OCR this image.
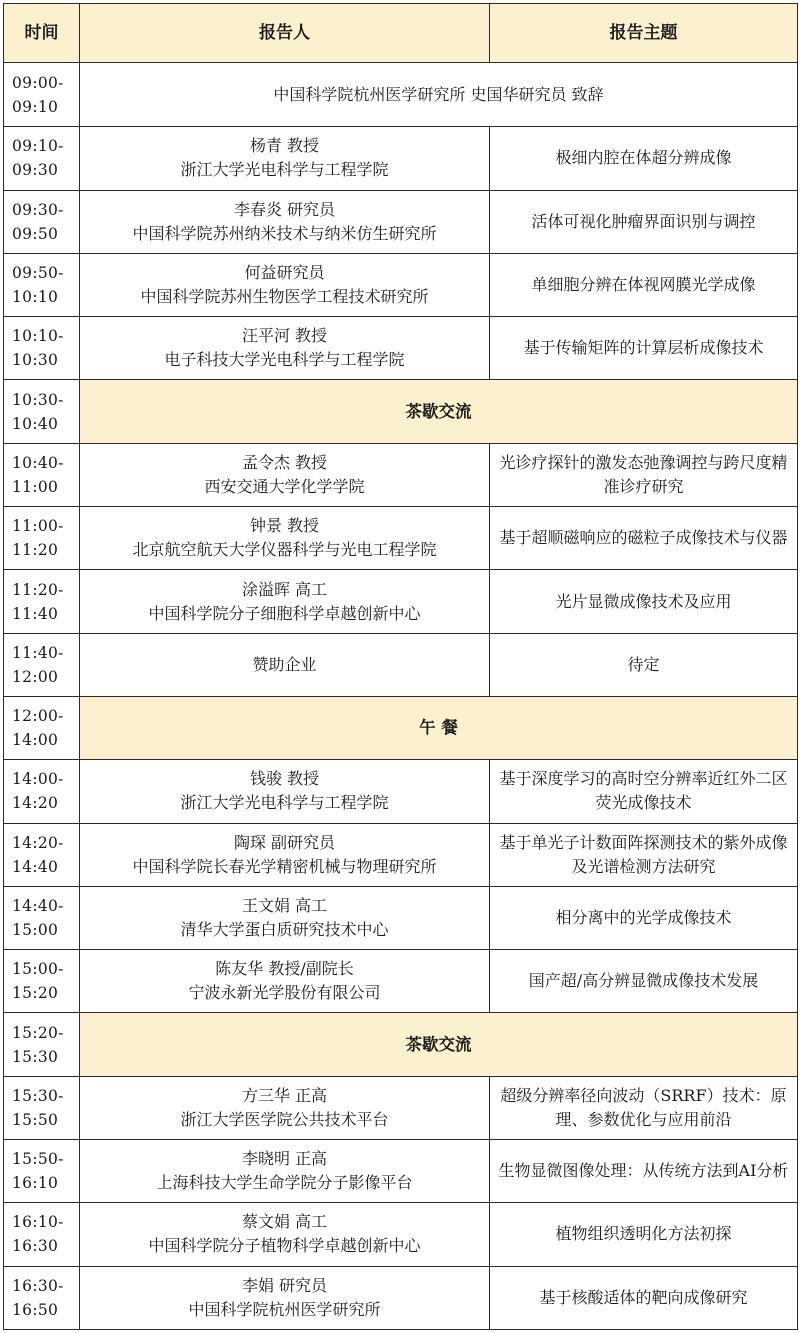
时间	报告人	报告主题

09:00-
09:10	中国科学院杭州医学研究所 史国华研究员 致辞	

09:10-
09:30	杨青 教授
浙江大学光电科学与工程学院	极细内腔在体超分辨成像

09:30-
09:50	李春炎 研究员
中国科学院苏州纳米技术与纳米仿生研究所	活体可视化肿瘤界面识别与调控

09:50-
10:10	何益研究员
中国科学院苏州生物医学工程技术研究所	单细胞分辨在体视网膜光学成像

10:10-
10:30	汪平河 教授
电子科技大学光电科学与工程学院	基于传输矩阵的计算层析成像技术

10:30-
10:40	茶歇交流	

10:40-
11:00	孟令杰 教授
西安交通大学化学学院	光诊疗探针的激发态弛豫调控与跨尺度精准诊疗研究

11:00-
11:20	钟景 教授
北京航空航天大学仪器科学与光电工程学院	基于超顺磁响应的磁粒子成像技术与仪器

11:20-
11:40	涂溢晖 高工
中国科学院分子细胞科学卓越创新中心	光片显微成像技术及应用

11:40-
12:00	赞助企业	待定

12:00-
14:00	午 餐	

14:00-
14:20	钱骏 教授
浙江大学光电科学与工程学院	基于深度学习的高时空分辨率近红外二区荧光成像技术

14:20-
14:40	陶琛 副研究员
中国科学院长春光学精密机械与物理研究所	基于单光子计数面阵探测技术的紫外成像及光谱检测方法研究

14:40-
15:00	王文娟 高工
清华大学蛋白质研究技术中心	相分离中的光学成像技术

15:00-
15:20	陈友华 教授/副院长
宁波永新光学股份有限公司	国产超/高分辨显微成像技术发展

15:20-
15:30	茶歇交流	

15:30-
15:50	方三华 正高
浙江大学医学院公共技术平台	超级分辨率径向波动（SRRF）技术：原理、参数优化与应用前沿

15:50-
16:10	李晓明 正高
上海科技大学生命学院分子影像平台	生物显微图像处理：从传统方法到AI分析

16:10-
16:30	蔡文娟 高工
中国科学院分子植物科学卓越创新中心	植物组织透明化方法初探

16:30-
16:50	李娟 研究员
中国科学院杭州医学研究所	基于核酸适体的靶向成像研究
